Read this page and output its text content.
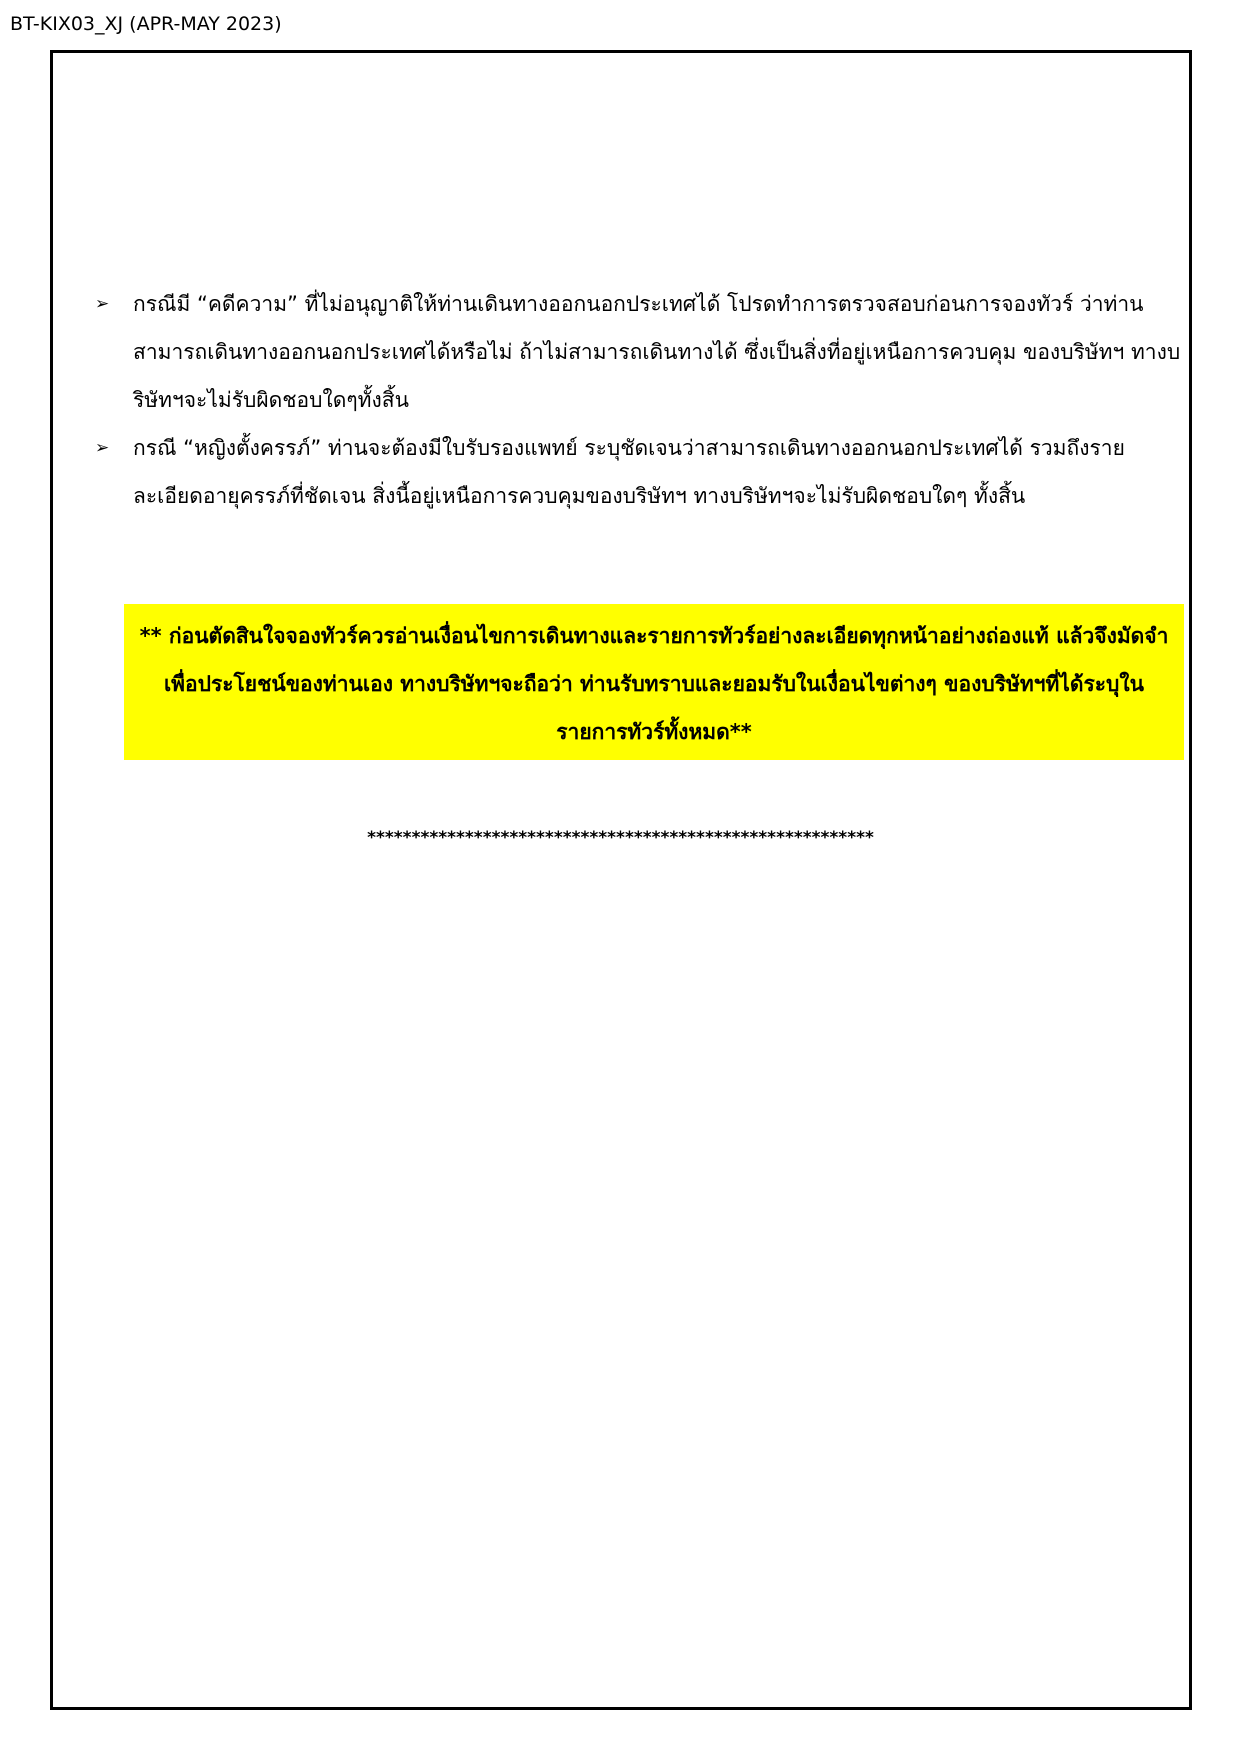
BT-KIX03_XJ (APR-MAY 2023)
➢ กรณีมี “คดีความ” ที่ไม่อนุญาติให้ท่านเดินทางออกนอกประเทศได้ โปรดทำการตรวจสอบก่อนการจองทัวร์ ว่าท่านสามารถเดินทางออกนอกประเทศได้หรือไม่ ถ้าไม่สามารถเดินทางได้ ซึ่งเป็นสิ่งที่อยู่เหนือการควบคุม ของบริษัทฯ ทางบริษัทฯจะไม่รับผิดชอบใดๆทั้งสิ้น
➢ กรณี “หญิงตั้งครรภ์” ท่านจะต้องมีใบรับรองแพทย์ ระบุชัดเจนว่าสามารถเดินทางออกนอกประเทศได้ รวมถึงรายละเอียดอายุครรภ์ที่ชัดเจน สิ่งนี้อยู่เหนือการควบคุมของบริษัทฯ ทางบริษัทฯจะไม่รับผิดชอบใดๆ ทั้งสิ้น
** ก่อนตัดสินใจจองทัวร์ควรอ่านเงื่อนไขการเดินทางและรายการทัวร์อย่างละเอียดทุกหน้าอย่างถ่องแท้ แล้วจึงมัดจำเพื่อประโยชน์ของท่านเอง ทางบริษัทฯจะถือว่า ท่านรับทราบและยอมรับในเงื่อนไขต่างๆ ของบริษัทฯที่ได้ระบุในรายการทัวร์ทั้งหมด**
*********************************************************
